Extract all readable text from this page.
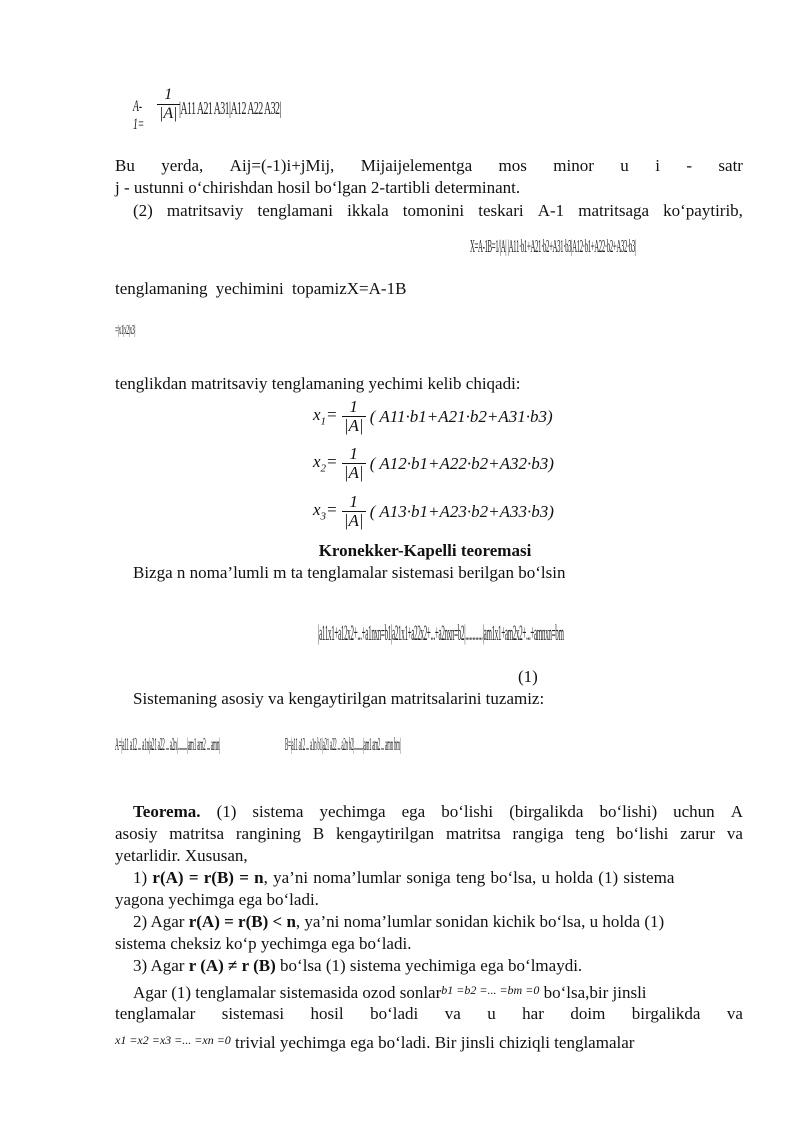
A-1=
$\frac{1}{|A|} |A11$ A21 A31|A12 A22 A32|
Bu yerda, Aij=(-1)i+jMij, Mijaijelementga mos minor u i - satr
j - ustunni o‘chirishdan hosil bo‘lgan 2-tartibli determinant.
(2) matritsaviy tenglamani ikkala tomonini teskari A-1 matritsaga ko‘paytirib,
X=A-1B=1/|A| |A11·b1+A21·b2+A31·b3|A12·b1+A22·b2+A32·b3|
tenglamaning yechimini topamizX=A-1B
=|x1|x2|x3|
tenglikdan matritsaviy tenglamaning yechimi kelib chiqadi:
$x_1= \frac{1}{|A|}$ ( A11·b1+A21·b2+A31·b3)
$x_2= \frac{1}{|A|}$ ( A12·b1+A22·b2+A32·b3)
$x_3= \frac{1}{|A|}$ ( A13·b1+A23·b2+A33·b3)
Kronekker-Kapelli teoremasi
Bizga n noma’lumli m ta tenglamalar sistemasi berilgan bo‘lsin
|a11x1+a12x2+...+a1nxn=b1|a21x1+a22x2+...+a2nxn=b2|............|am1x1+am2x2+...+amnxn=bm
(1)
Sistemaning asosiy va kengaytirilgan matritsalarini tuzamiz:
A=|a11 a12 ... a1n|a21 a22 ... a2n|.........|am1 am2 ... amn|	B=|a11 a12 ... a1n b1|a21 a22 ... a2n b2|.........|am1 am2 ... amn bm|
Teorema. (1) sistema yechimga ega bo‘lishi (birgalikda bo‘lishi) uchun A
asosiy matritsa rangining B kengaytirilgan matritsa rangiga teng bo‘lishi zarur va
yetarlidir. Xususan,
1) r(A) = r(B) = n, ya’ni noma’lumlar soniga teng bo‘lsa, u holda (1) sistema
yagona yechimga ega bo‘ladi.
2) Agar r(A) = r(B) < n, ya’ni noma’lumlar sonidan kichik bo‘lsa, u holda (1)
sistema cheksiz ko‘p yechimga ega bo‘ladi.
3) Agar r (A) ≠ r (B) bo‘lsa (1) sistema yechimiga ega bo‘lmaydi.
Agar (1) tenglamalar sistemasida ozod sonlar$^{b1 =b2 =... =bm =0}$ bo‘lsa,bir jinsli
tenglamalar sistemasi hosil bo‘ladi va u har doim birgalikda va
$^{x1 =x2 =x3 =... =xn =0}$ trivial yechimga ega bo‘ladi. Bir jinsli chiziqli tenglamalar
